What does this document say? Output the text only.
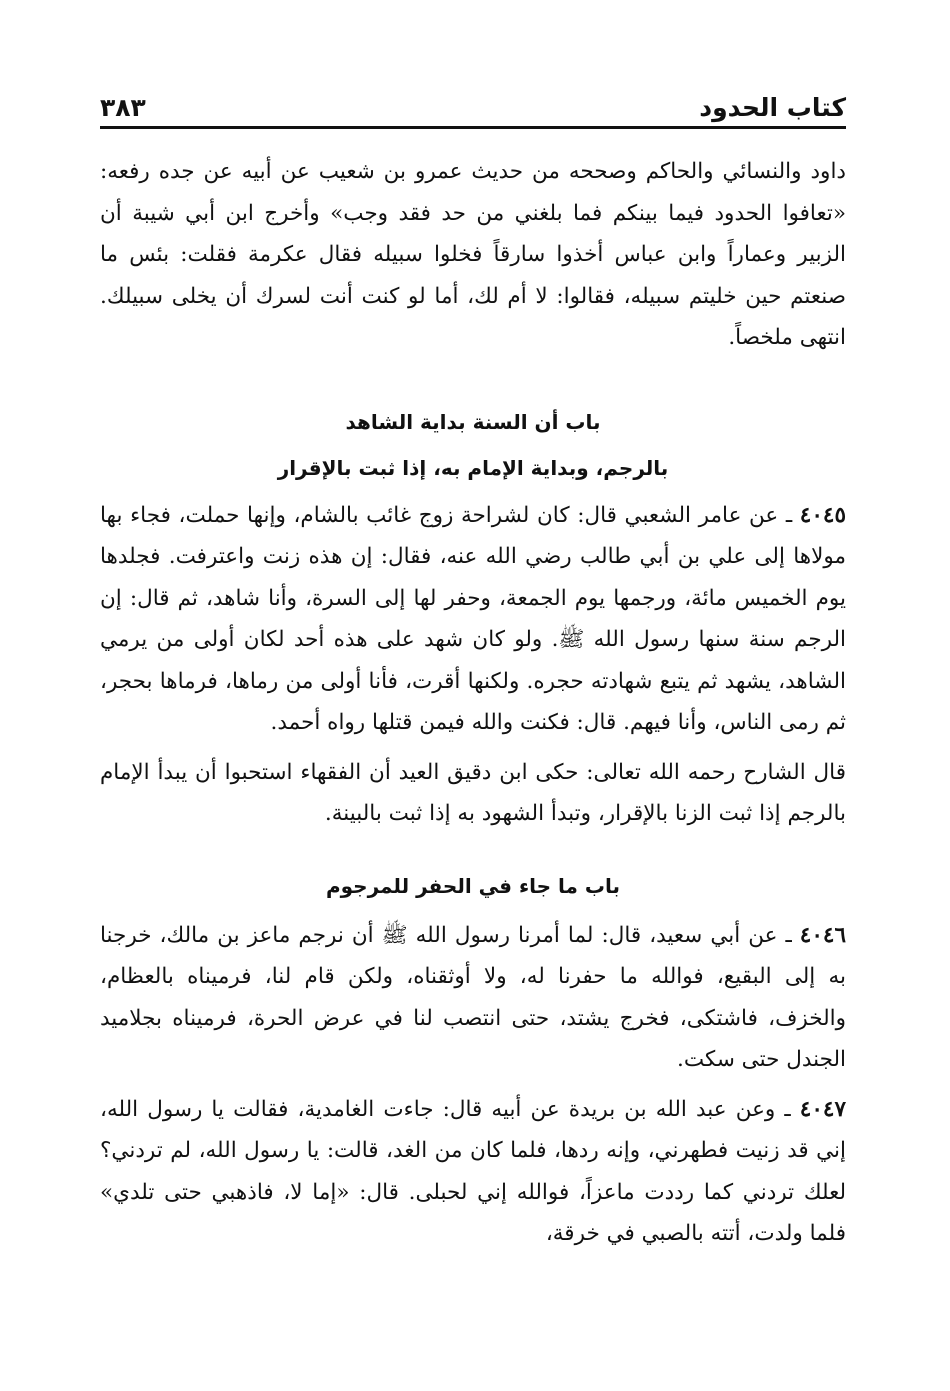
كتاب الحدود
٣٨٣

داود والنسائي والحاكم وصححه من حديث عمرو بن شعيب عن أبيه عن جده رفعه: «تعافوا الحدود فيما بينكم فما بلغني من حد فقد وجب» وأخرج ابن أبي شيبة أن الزبير وعماراً وابن عباس أخذوا سارقاً فخلوا سبيله فقال عكرمة فقلت: بئس ما صنعتم حين خليتم سبيله، فقالوا: لا أم لك، أما لو كنت أنت لسرك أن يخلى سبيلك. انتهى ملخصاً.

باب أن السنة بداية الشاهد
بالرجم، وبداية الإمام به، إذا ثبت بالإقرار

٤٠٤٥ ـ عن عامر الشعبي قال: كان لشراحة زوج غائب بالشام، وإنها حملت، فجاء بها مولاها إلى علي بن أبي طالب رضي الله عنه، فقال: إن هذه زنت واعترفت. فجلدها يوم الخميس مائة، ورجمها يوم الجمعة، وحفر لها إلى السرة، وأنا شاهد، ثم قال: إن الرجم سنة سنها رسول الله ﷺ. ولو كان شهد على هذه أحد لكان أولى من يرمي الشاهد، يشهد ثم يتبع شهادته حجره. ولكنها أقرت، فأنا أولى من رماها، فرماها بحجر، ثم رمى الناس، وأنا فيهم. قال: فكنت والله فيمن قتلها رواه أحمد.

قال الشارح رحمه الله تعالى: حكى ابن دقيق العيد أن الفقهاء استحبوا أن يبدأ الإمام بالرجم إذا ثبت الزنا بالإقرار، وتبدأ الشهود به إذا ثبت بالبينة.

باب ما جاء في الحفر للمرجوم

٤٠٤٦ ـ عن أبي سعيد، قال: لما أمرنا رسول الله ﷺ أن نرجم ماعز بن مالك، خرجنا به إلى البقيع، فوالله ما حفرنا له، ولا أوثقناه، ولكن قام لنا، فرميناه بالعظام، والخزف، فاشتكى، فخرج يشتد، حتى انتصب لنا في عرض الحرة، فرميناه بجلاميد الجندل حتى سكت.

٤٠٤٧ ـ وعن عبد الله بن بريدة عن أبيه قال: جاءت الغامدية، فقالت يا رسول الله، إني قد زنيت فطهرني، وإنه ردها، فلما كان من الغد، قالت: يا رسول الله، لم تردني؟ لعلك تردني كما رددت ماعزاً، فوالله إني لحبلى. قال: «إما لا، فاذهبي حتى تلدي» فلما ولدت، أتته بالصبي في خرقة،
